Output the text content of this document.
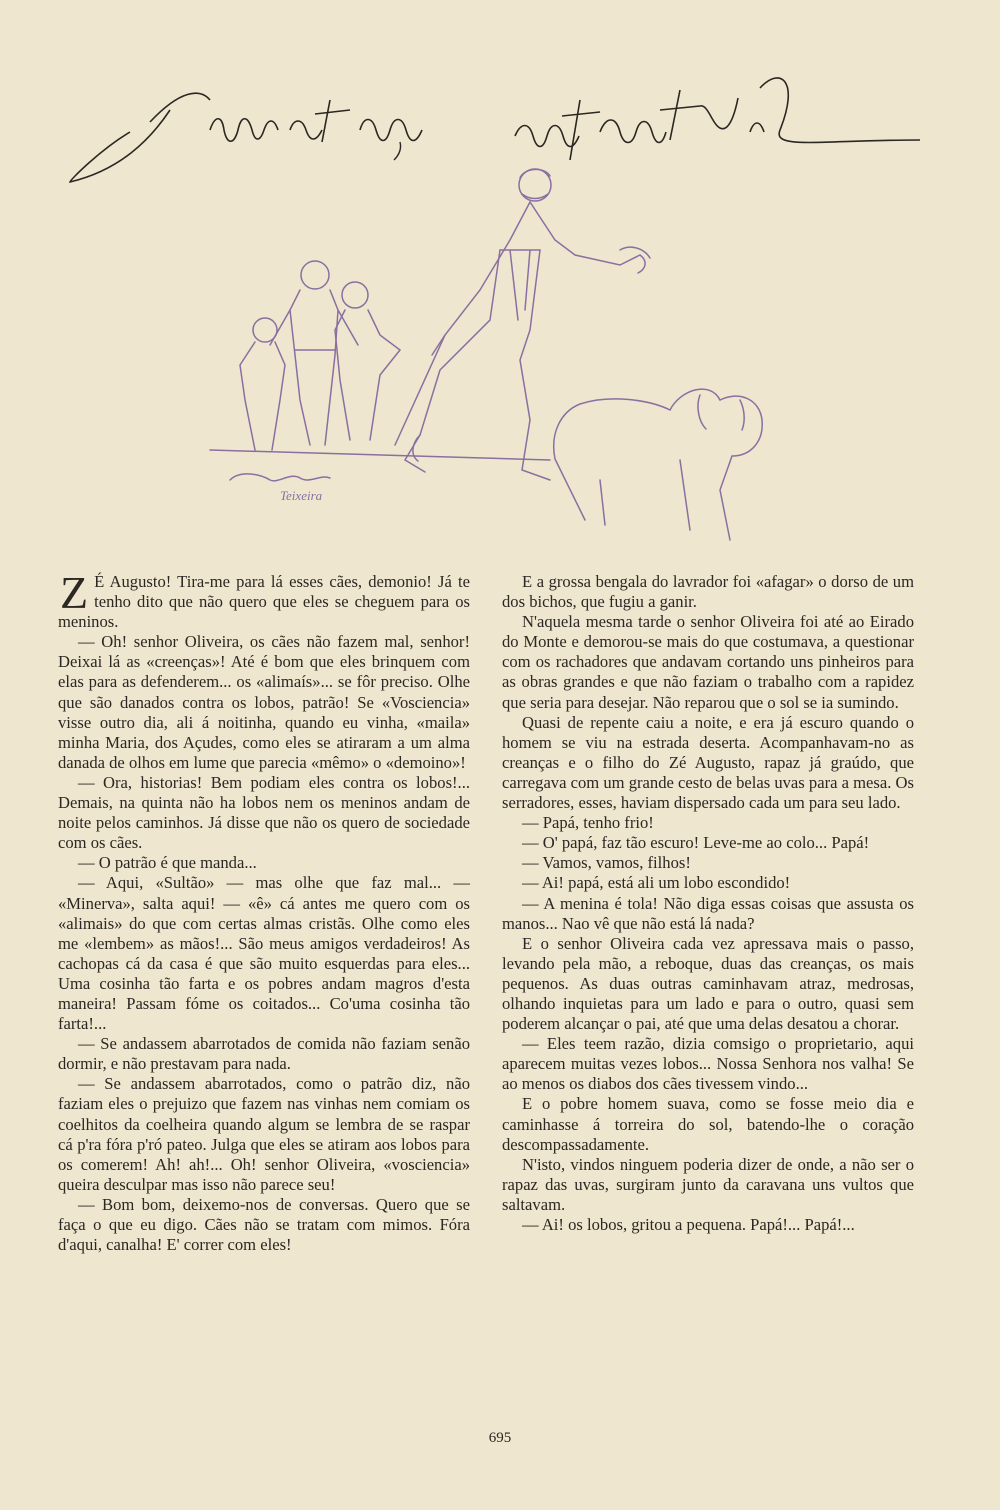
justiça infantil
Teixeira

Z É Augusto! Tira-me para lá esses cães, demonio! Já te tenho dito que não quero que eles se cheguem para os meninos.

— Oh! senhor Oliveira, os cães não fazem mal, senhor! Deixai lá as «creenças»! Até é bom que eles brinquem com elas para as defenderem... os «alimaís»... se fôr preciso. Olhe que são danados contra os lobos, patrão! Se «Vosciencia» visse outro dia, ali á noitinha, quando eu vinha, «maila» minha Maria, dos Açudes, como eles se atiraram a um alma danada de olhos em lume que parecia «mêmo» o «demoino»!

— Ora, historias! Bem podiam eles contra os lobos!... Demais, na quinta não ha lobos nem os meninos andam de noite pelos caminhos. Já disse que não os quero de sociedade com os cães.

— O patrão é que manda...

— Aqui, «Sultão» — mas olhe que faz mal... — «Minerva», salta aqui! — «ê» cá antes me quero com os «alimais» do que com certas almas cristãs. Olhe como eles me «lembem» as mãos!... São meus amigos verdadeiros! As cachopas cá da casa é que são muito esquerdas para eles... Uma cosinha tão farta e os pobres andam magros d'esta maneira! Passam fóme os coitados... Co'uma cosinha tão farta!...

— Se andassem abarrotados de comida não faziam senão dormir, e não prestavam para nada.

— Se andassem abarrotados, como o patrão diz, não faziam eles o prejuizo que fazem nas vinhas nem comiam os coelhitos da coelheira quando algum se lembra de se raspar cá p'ra fóra p'ró pateo. Julga que eles se atiram aos lobos para os comerem! Ah! ah!... Oh! senhor Oliveira, «vosciencia» queira desculpar mas isso não parece seu!

— Bom bom, deixemo-nos de conversas. Quero que se faça o que eu digo. Cães não se tratam com mimos. Fóra d'aqui, canalha! E' correr com eles!

E a grossa bengala do lavrador foi «afagar» o dorso de um dos bichos, que fugiu a ganir.

N'aquela mesma tarde o senhor Oliveira foi até ao Eirado do Monte e demorou-se mais do que costumava, a questionar com os rachadores que andavam cortando uns pinheiros para as obras grandes e que não faziam o trabalho com a rapidez que seria para desejar. Não reparou que o sol se ia sumindo.

Quasi de repente caiu a noite, e era já escuro quando o homem se viu na estrada deserta. Acompanhavam-no as creanças e o filho do Zé Augusto, rapaz já graúdo, que carregava com um grande cesto de belas uvas para a mesa. Os serradores, esses, haviam dispersado cada um para seu lado.

— Papá, tenho frio!

— O' papá, faz tão escuro! Leve-me ao colo... Papá!

— Vamos, vamos, filhos!

— Ai! papá, está ali um lobo escondido!

— A menina é tola! Não diga essas coisas que assusta os manos... Nao vê que não está lá nada?

E o senhor Oliveira cada vez apressava mais o passo, levando pela mão, a reboque, duas das creanças, os mais pequenos. As duas outras caminhavam atraz, medrosas, olhando inquietas para um lado e para o outro, quasi sem poderem alcançar o pai, até que uma delas desatou a chorar.

— Eles teem razão, dizia comsigo o proprietario, aqui aparecem muitas vezes lobos... Nossa Senhora nos valha! Se ao menos os diabos dos cães tivessem vindo...

E o pobre homem suava, como se fosse meio dia e caminhasse á torreira do sol, batendo-lhe o coração descompassadamente.

N'isto, vindos ninguem poderia dizer de onde, a não ser o rapaz das uvas, surgiram junto da caravana uns vultos que saltavam.

— Ai! os lobos, gritou a pequena. Papá!... Papá!...

695
